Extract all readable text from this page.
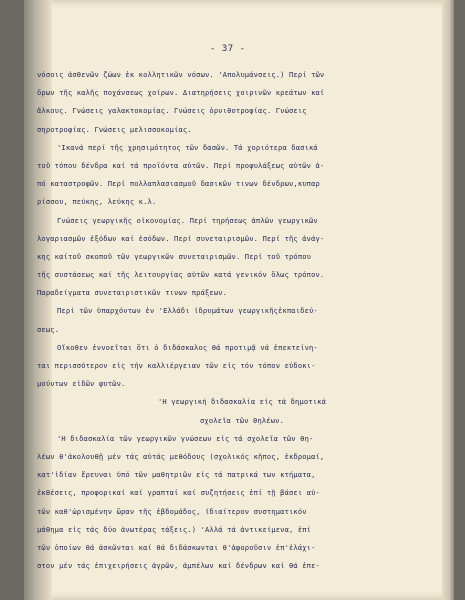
- 37 -
νόσοις ἀσθενῶν ζώων ἐκ κολλητικῶν νόσων. 'Απολυμάνσεις.) Περί τῶν
ὅρων τῆς καλῆς ποχάνσεως χοίρων. Διατηρήσεις χοιρινῶν κρεάτων καί
ἄλκους. Γνώσεις γαλακτοκομίας. Γνώσεις ὀρνιθοτροφίας. Γνώσεις
σηροτροφίας. Γνώσεις μελισσοκομίας.
'Ικανά περί τῆς χρησιμότητος τῶν δασῶν. Τά χοριότερα δασικά
τοῦ τόπου δένδρα καί τά προϊόντα αὐτῶν. Περί προφυλάξεως αὐτῶν ἀ-
πό καταστροφῶν. Περί πολλαπλασιασμοῦ δασικῶν τινων δένδρων,κυπαρ
ρίσσου, πεύκης, λεύκης κ.λ.
Γνώσεις γεωργικῆς οἰκονομίας. Περί τηρήσεως ἀπλῶν γεωργικῶν
λογαριασμῶν ἐξόδων καί ἐσόδων. Περί συνεταιρισμῶν. Περί τῆς ἀνάγ-
κης καίτοῦ σκοποῦ τῶν γεωργικῶν συνεταιρισμῶν. Περί τοῦ τρόπου
τῆς συστάσεως καί τῆς λειτουργίας αὐτῶν κατά γενικόν ὅλως τρόπον.
Παραδείγματα συνεταιριστικῶν τινων πράξεων.
Περί τῶν ὑπαρχόντων ἐν 'Ελλάδι ἱδρυμάτων γεωργικῆςἐκπαιδεύ-
σεως.
Οἴκοθεν ἐννοεῖται ὅτι ὁ διδάσκαλος θά προτιμᾷ νά ἐπεκτείνη-
ται περισσότερον εἰς τήν καλλιέργειαν τῶν εἰς τόν τόπον εὐδοκι-
μούντων εἰδῶν φυτῶν.
'Η γεωργική διδασκαλία εἰς τά δημοτικά
σχολεῖα τῶν θηλέων.
'Η διδασκαλία τῶν γεωργικῶν γνώσεων εἰς τά σχολεῖα τῶν θη-
λέων θ'ἀκολουθῇ μέν τάς αὐτάς μεθόδους (σχολικός κῆπος, ἐκδρομαί,
κατ'ἰδίαν ἔρευναι ὑπό τῶν μαθητριῶν εἰς τά πατρικά των κτήματα,
ἐκθέσεις, προφορικαί καί γραπταί καί συζητήσεις ἐπί τῇ βάσει αὐ-
τῶν καθ'ὡρισμένην ὥραν τῆς ἑβδομάδος, ἰδιαίτερον συστηματικόν
μάθημα εἰς τάς δύο ἀνωτέρας τάξεις.) 'Αλλά τά ἀντικείμενα, ἐπί
τῶν ὁποίων θά ἀσκῶνται καί θά διδάσκωνται θ'ἀφοροῦσιν ἐπ'ἐλάχι-
στον μέν τάς ἐπιχειρήσεις ἀγρῶν, ἀμπέλων καί δένδρων καί θά ἐπε-
